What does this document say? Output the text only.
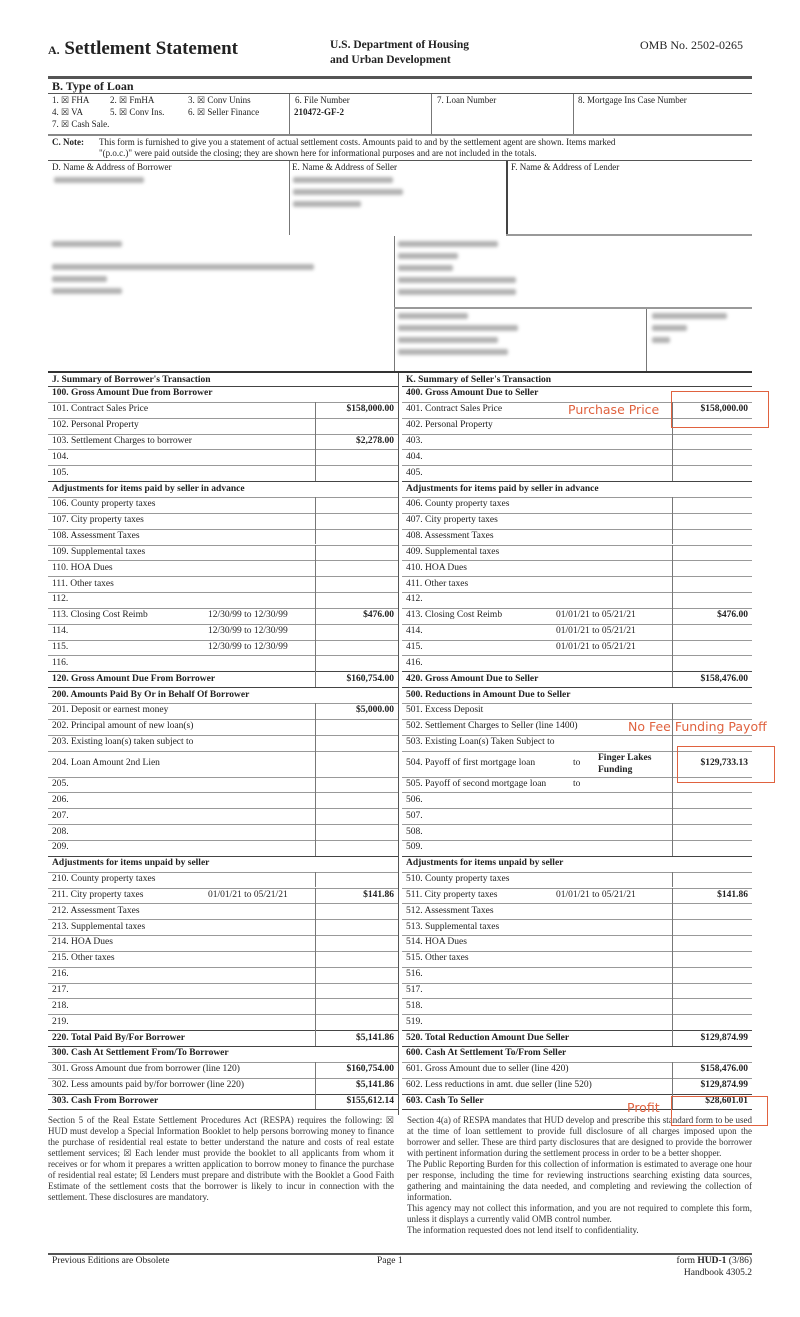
A. Settlement Statement	U.S. Department of Housing
and Urban Development
OMB No. 2502-0265
B. Type of Loan
1. ☒ FHA 2. ☒ FmHA	3. ☒ Conv Unins
4. ☒ VA	5. ☒ Conv Ins.	6. ☒ Seller Finance
7. ☒ Cash Sale.
6. File Number
210472-GF-2
7. Loan Number	8. Mortgage Ins Case Number
C. Note: This form is furnished to give you a statement of actual settlement costs. Amounts paid to and by the settlement agent are shown. Items marked
"(p.o.c.)" were paid outside the closing; they are shown here for informational purposes and are not included in the totals.
D. Name & Address of Borrower	E. Name & Address of Seller	F. Name & Address of Lender
J. Summary of Borrower's Transaction
100. Gross Amount Due from Borrower
101. Contract Sales Price	$158,000.00
102. Personal Property
103. Settlement Charges to borrower	$2,278.00
104.
105.
Adjustments for items paid by seller in advance
106. County property taxes
107. City property taxes
108. Assessment Taxes
109. Supplemental taxes
110. HOA Dues
111. Other taxes
112.
113. Closing Cost Reimb	12/30/99 to 12/30/99	$476.00
114.	12/30/99 to 12/30/99
115.	12/30/99 to 12/30/99
116.
120. Gross Amount Due From Borrower	$160,754.00
200. Amounts Paid By Or in Behalf Of Borrower
201. Deposit or earnest money	$5,000.00
202. Principal amount of new loan(s)
203. Existing loan(s) taken subject to
204. Loan Amount 2nd Lien
205.
206.
207.
208.
209.
Adjustments for items unpaid by seller
210. County property taxes
211. City property taxes	01/01/21 to 05/21/21	$141.86
212. Assessment Taxes
213. Supplemental taxes
214. HOA Dues
215. Other taxes
216.
217.
218.
219.
220. Total Paid By/For Borrower	$5,141.86
300. Cash At Settlement From/To Borrower
301. Gross Amount due from borrower (line 120)	$160,754.00
302. Less amounts paid by/for borrower (line 220)	$5,141.86
303. Cash From Borrower	$155,612.14
K. Summary of Seller's Transaction
400. Gross Amount Due to Seller
401. Contract Sales Price	$158,000.00
402. Personal Property
403.
404.
405.
Adjustments for items paid by seller in advance
406. County property taxes
407. City property taxes
408. Assessment Taxes
409. Supplemental taxes
410. HOA Dues
411. Other taxes
412.
413. Closing Cost Reimb	01/01/21 to 05/21/21	$476.00
414.	01/01/21 to 05/21/21
415.	01/01/21 to 05/21/21
416.
420. Gross Amount Due to Seller	$158,476.00
500. Reductions in Amount Due to Seller
501. Excess Deposit
502. Settlement Charges to Seller (line 1400)
503. Existing Loan(s) Taken Subject to
504. Payoff of first mortgage loan	to
Finger Lakes Funding
$129,733.13
505. Payoff of second mortgage loan	to
506.
507.
508.
509.
Adjustments for items unpaid by seller
510. County property taxes
511. City property taxes	01/01/21 to 05/21/21	$141.86
512. Assessment Taxes
513. Supplemental taxes
514. HOA Dues
515. Other taxes
516.
517.
518.
519.
520. Total Reduction Amount Due Seller	$129,874.99
600. Cash At Settlement To/From Seller
601. Gross Amount due to seller (line 420)	$158,476.00
602. Less reductions in amt. due seller (line 520)	$129,874.99
603. Cash To Seller	$28,601.01
Section 5 of the Real Estate Settlement Procedures Act (RESPA) requires the following: ☒ HUD must develop a Special Information Booklet to help persons borrowing money to finance the purchase of residential real estate to better understand the nature and costs of real estate settlement services; ☒ Each lender must provide the booklet to all applicants from whom it receives or for whom it prepares a written application to borrow money to finance the purchase of residential real estate; ☒ Lenders must prepare and distribute with the Booklet a Good Faith Estimate of the settlement costs that the borrower is likely to incur in connection with the settlement. These disclosures are mandatory.
Section 4(a) of RESPA mandates that HUD develop and prescribe this standard form to be used at the time of loan settlement to provide full disclosure of all charges imposed upon the borrower and seller. These are third party disclosures that are designed to provide the borrower with pertinent information during the settlement process in order to be a better shopper.
The Public Reporting Burden for this collection of information is estimated to average one hour per response, including the time for reviewing instructions searching existing data sources, gathering and maintaining the data needed, and completing and reviewing the collection of information.
This agency may not collect this information, and you are not required to complete this form, unless it displays a currently valid OMB control number.
The information requested does not lend itself to confidentiality.
Previous Editions are Obsolete	Page 1	form HUD-1 (3/86)
Handbook 4305.2
Purchase Price
No Fee Funding Payoff
Profit
